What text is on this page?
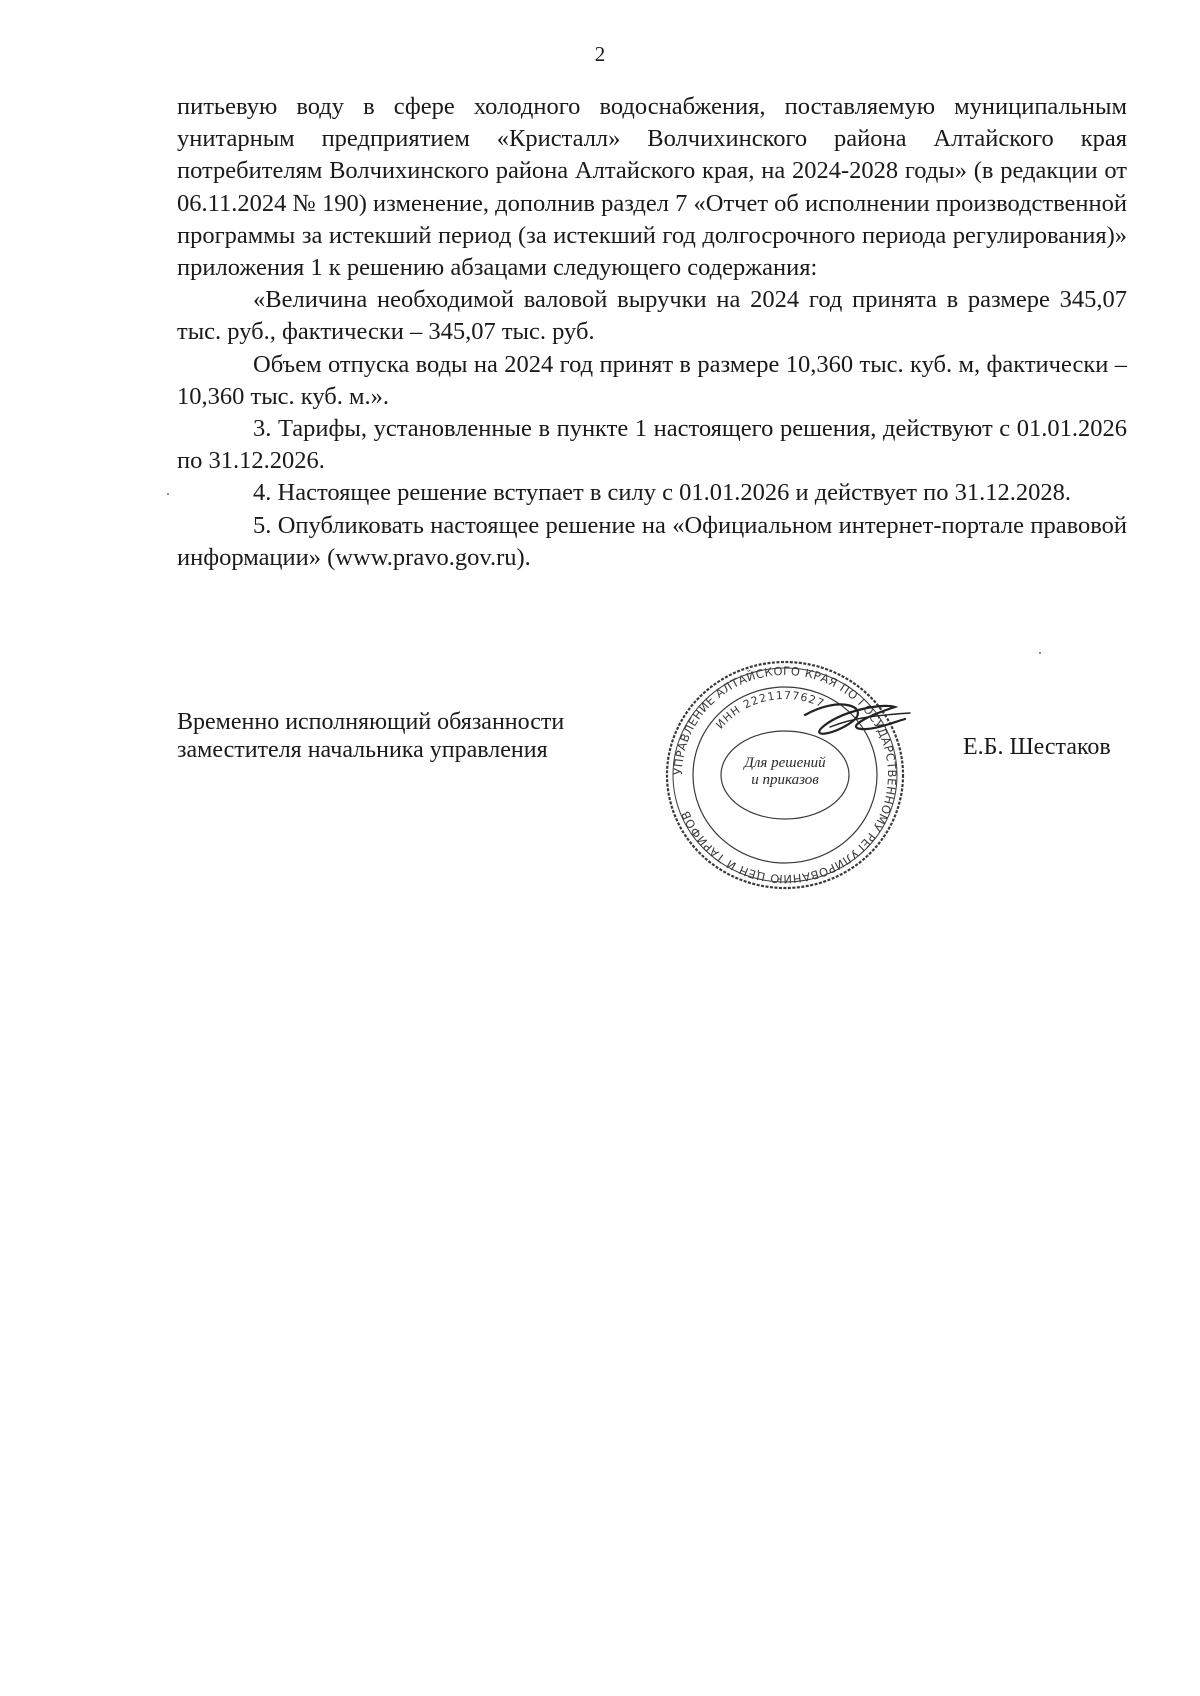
2

питьевую воду в сфере холодного водоснабжения, поставляемую муниципальным унитарным предприятием «Кристалл» Волчихинского района Алтайского края потребителям Волчихинского района Алтайского края, на 2024-2028 годы» (в редакции от 06.11.2024 № 190) изменение, дополнив раздел 7 «Отчет об исполнении производственной программы за истекший период (за истекший год долгосрочного периода регулирования)» приложения 1 к решению абзацами следующего содержания:

«Величина необходимой валовой выручки на 2024 год принята в размере 345,07 тыс. руб., фактически – 345,07 тыс. руб.

Объем отпуска воды на 2024 год принят в размере 10,360 тыс. куб. м, фактически – 10,360 тыс. куб. м.».

3. Тарифы, установленные в пункте 1 настоящего решения, действуют с 01.01.2026 по 31.12.2026.

4. Настоящее решение вступает в силу с 01.01.2026 и действует по 31.12.2028.

5. Опубликовать настоящее решение на «Официальном интернет-портале правовой информации» (www.pravo.gov.ru).

Временно исполняющий обязанности
заместителя начальника управления
УПРАВЛЕНИЕ АЛТАЙСКОГО КРАЯ ПО ГОСУДАРСТВЕННОМУ РЕГУЛИРОВАНИЮ ЦЕН И ТАРИФОВ
ИНН 2221177627
Для решений
и приказов
Е.Б. Шестаков
